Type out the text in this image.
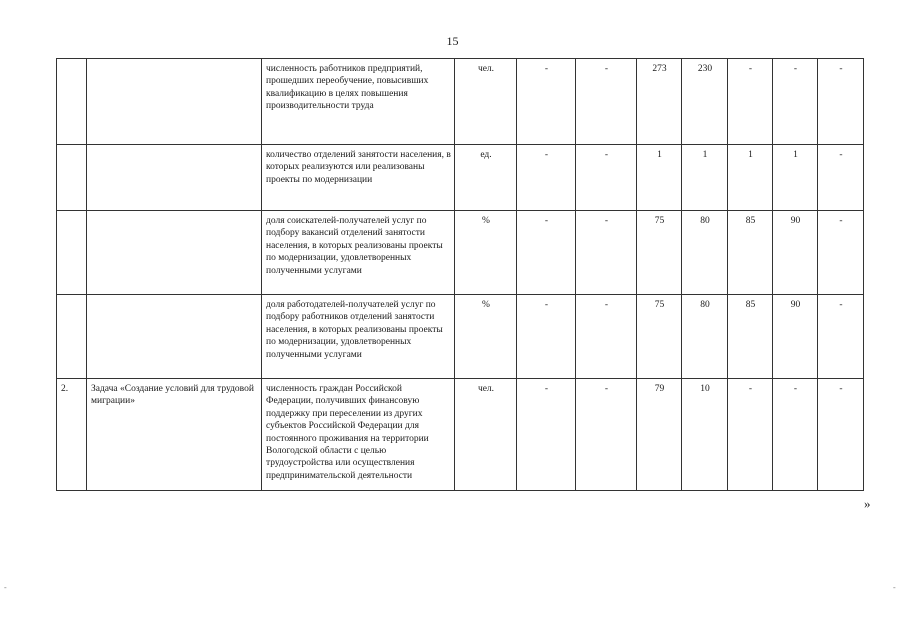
15
		численность работников предприятий, прошедших переобучение, повысивших квалификацию в целях повышения производительности труда	чел.	-	-	273	230	-	-	-
		количество отделений занятости населения, в которых реализуются или реализованы проекты по модернизации	ед.	-	-	1	1	1	1	-
		доля соискателей-получателей услуг по подбору вакансий отделений занятости населения, в которых реализованы проекты по модернизации, удовлетворенных полученными услугами	%	-	-	75	80	85	90	-
		доля работодателей-получателей услуг по подбору работников отделений занятости населения, в которых реализованы проекты по модернизации, удовлетворенных полученными услугами	%	-	-	75	80	85	90	-
2.	Задача «Создание условий для трудовой миграции»	численность граждан Российской Федерации, получивших финансовую поддержку при переселении из других субъектов Российской Федерации для постоянного проживания на территории Вологодской области с целью трудоустройства или осуществления предпринимательской деятельности	чел.	-	-	79	10	-	-	-
»
-	-
